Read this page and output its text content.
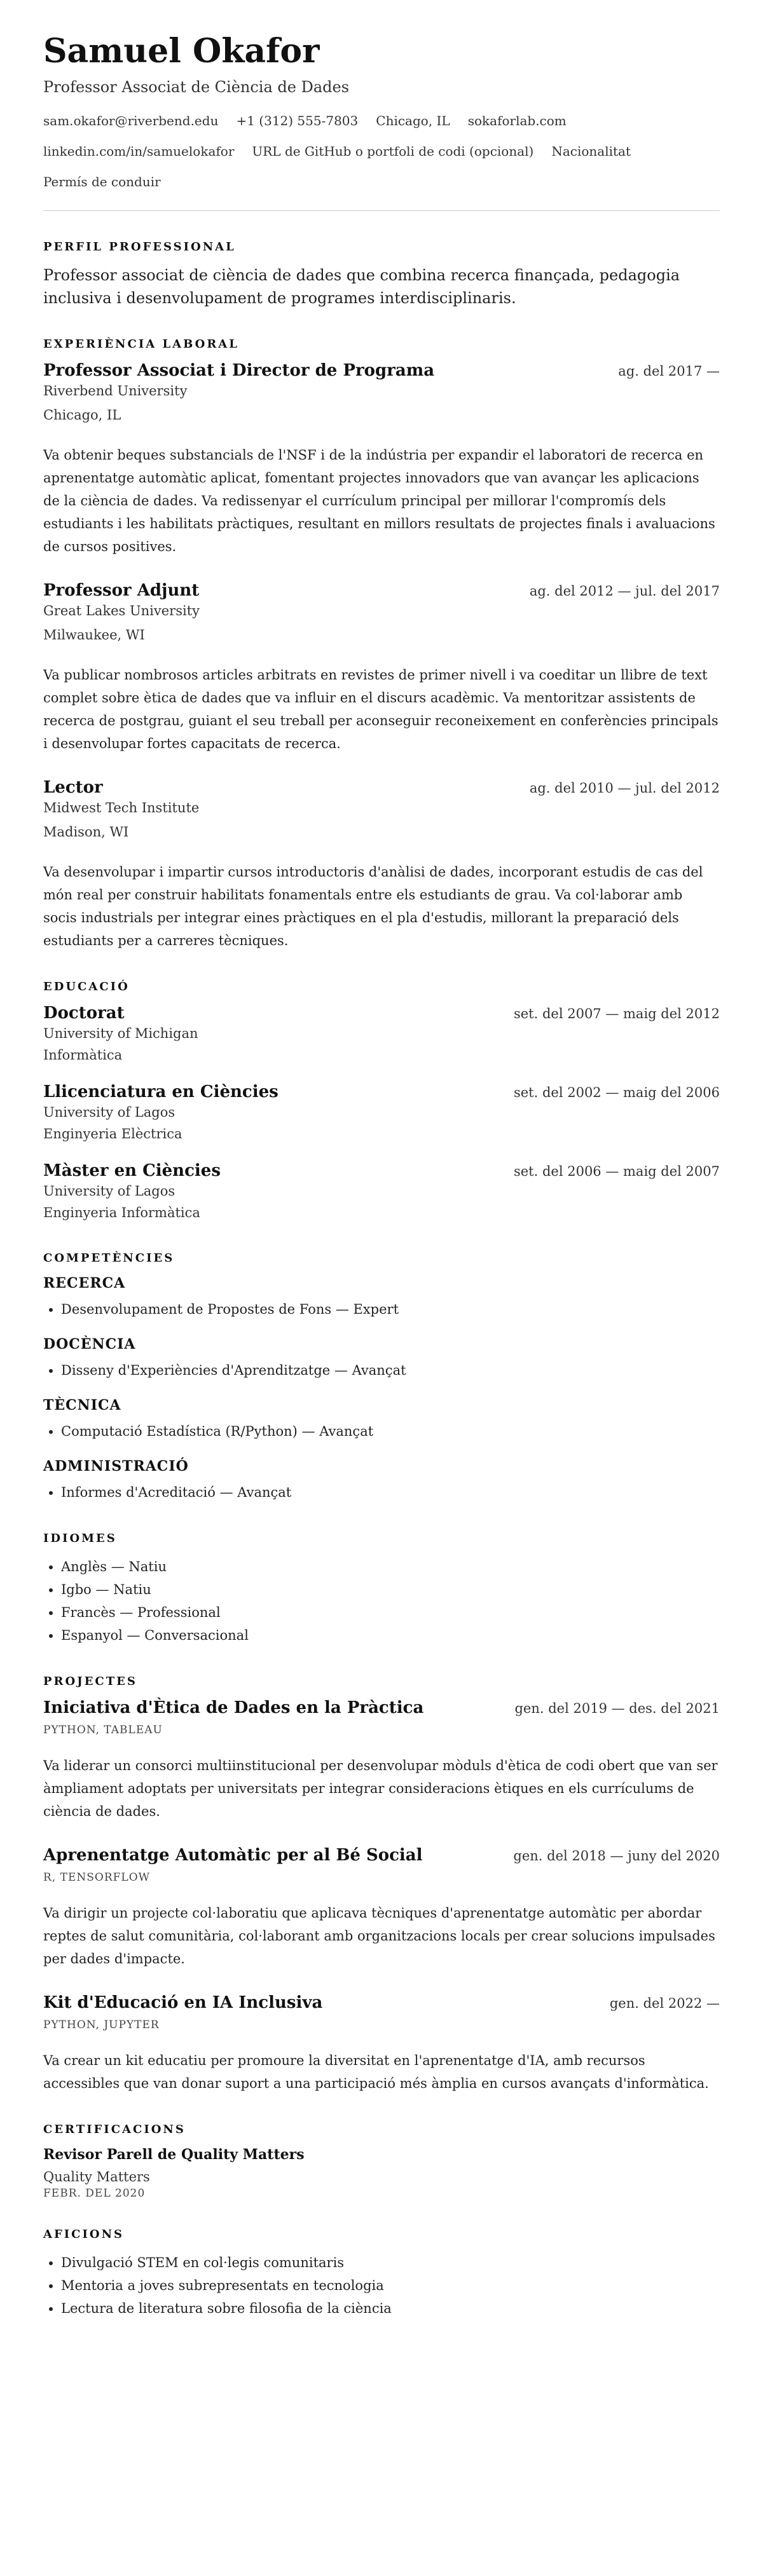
Samuel Okafor
Professor Associat de Ciència de Dades
sam.okafor@riverbend.edu +1 (312) 555-7803 Chicago, IL sokaforlab.com
linkedin.com/in/samuelokafor URL de GitHub o portfoli de codi (opcional) Nacionalitat
Permís de conduir
PERFIL PROFESSIONAL

Professor associat de ciència de dades que combina recerca finançada, pedagogia inclusiva i desenvolupament de programes interdisciplinaris.

EXPERIÈNCIA LABORAL
Professor Associat i Director de Programa	ag. del 2017 —
Riverbend University
Chicago, IL

Va obtenir beques substancials de l'NSF i de la indústria per expandir el laboratori de recerca en aprenentatge automàtic aplicat, fomentant projectes innovadors que van avançar les aplicacions de la ciència de dades. Va redissenyar el currículum principal per millorar l'compromís dels estudiants i les habilitats pràctiques, resultant en millors resultats de projectes finals i avaluacions de cursos positives.

Professor Adjunt	ag. del 2012 — jul. del 2017
Great Lakes University
Milwaukee, WI

Va publicar nombrosos articles arbitrats en revistes de primer nivell i va coeditar un llibre de text complet sobre ètica de dades que va influir en el discurs acadèmic. Va mentoritzar assistents de recerca de postgrau, guiant el seu treball per aconseguir reconeixement en conferències principals i desenvolupar fortes capacitats de recerca.

Lector	ag. del 2010 — jul. del 2012
Midwest Tech Institute
Madison, WI

Va desenvolupar i impartir cursos introductoris d'anàlisi de dades, incorporant estudis de cas del món real per construir habilitats fonamentals entre els estudiants de grau. Va col·laborar amb socis industrials per integrar eines pràctiques en el pla d'estudis, millorant la preparació dels estudiants per a carreres tècniques.

EDUCACIÓ
Doctorat	set. del 2007 — maig del 2012
University of Michigan
Informàtica
Llicenciatura en Ciències	set. del 2002 — maig del 2006
University of Lagos
Enginyeria Elèctrica
Màster en Ciències	set. del 2006 — maig del 2007
University of Lagos
Enginyeria Informàtica
COMPETÈNCIES
RECERCA
• Desenvolupament de Propostes de Fons — Expert
DOCÈNCIA
• Disseny d'Experiències d'Aprenditzatge — Avançat
TÈCNICA
• Computació Estadística (R/Python) — Avançat
ADMINISTRACIÓ
• Informes d'Acreditació — Avançat
IDIOMES
• Anglès — Natiu
• Igbo — Natiu
• Francès — Professional
• Espanyol — Conversacional
PROJECTES
Iniciativa d'Ètica de Dades en la Pràctica	gen. del 2019 — des. del 2021
PYTHON, TABLEAU

Va liderar un consorci multiinstitucional per desenvolupar mòduls d'ètica de codi obert que van ser àmpliament adoptats per universitats per integrar consideracions ètiques en els currículums de ciència de dades.

Aprenentatge Automàtic per al Bé Social	gen. del 2018 — juny del 2020
R, TENSORFLOW

Va dirigir un projecte col·laboratiu que aplicava tècniques d'aprenentatge automàtic per abordar reptes de salut comunitària, col·laborant amb organitzacions locals per crear solucions impulsades per dades d'impacte.

Kit d'Educació en IA Inclusiva	gen. del 2022 —
PYTHON, JUPYTER

Va crear un kit educatiu per promoure la diversitat en l'aprenentatge d'IA, amb recursos accessibles que van donar suport a una participació més àmplia en cursos avançats d'informàtica.

CERTIFICACIONS
Revisor Parell de Quality Matters
Quality Matters
FEBR. DEL 2020
AFICIONS
• Divulgació STEM en col·legis comunitaris
• Mentoria a joves subrepresentats en tecnologia
• Lectura de literatura sobre filosofia de la ciència
